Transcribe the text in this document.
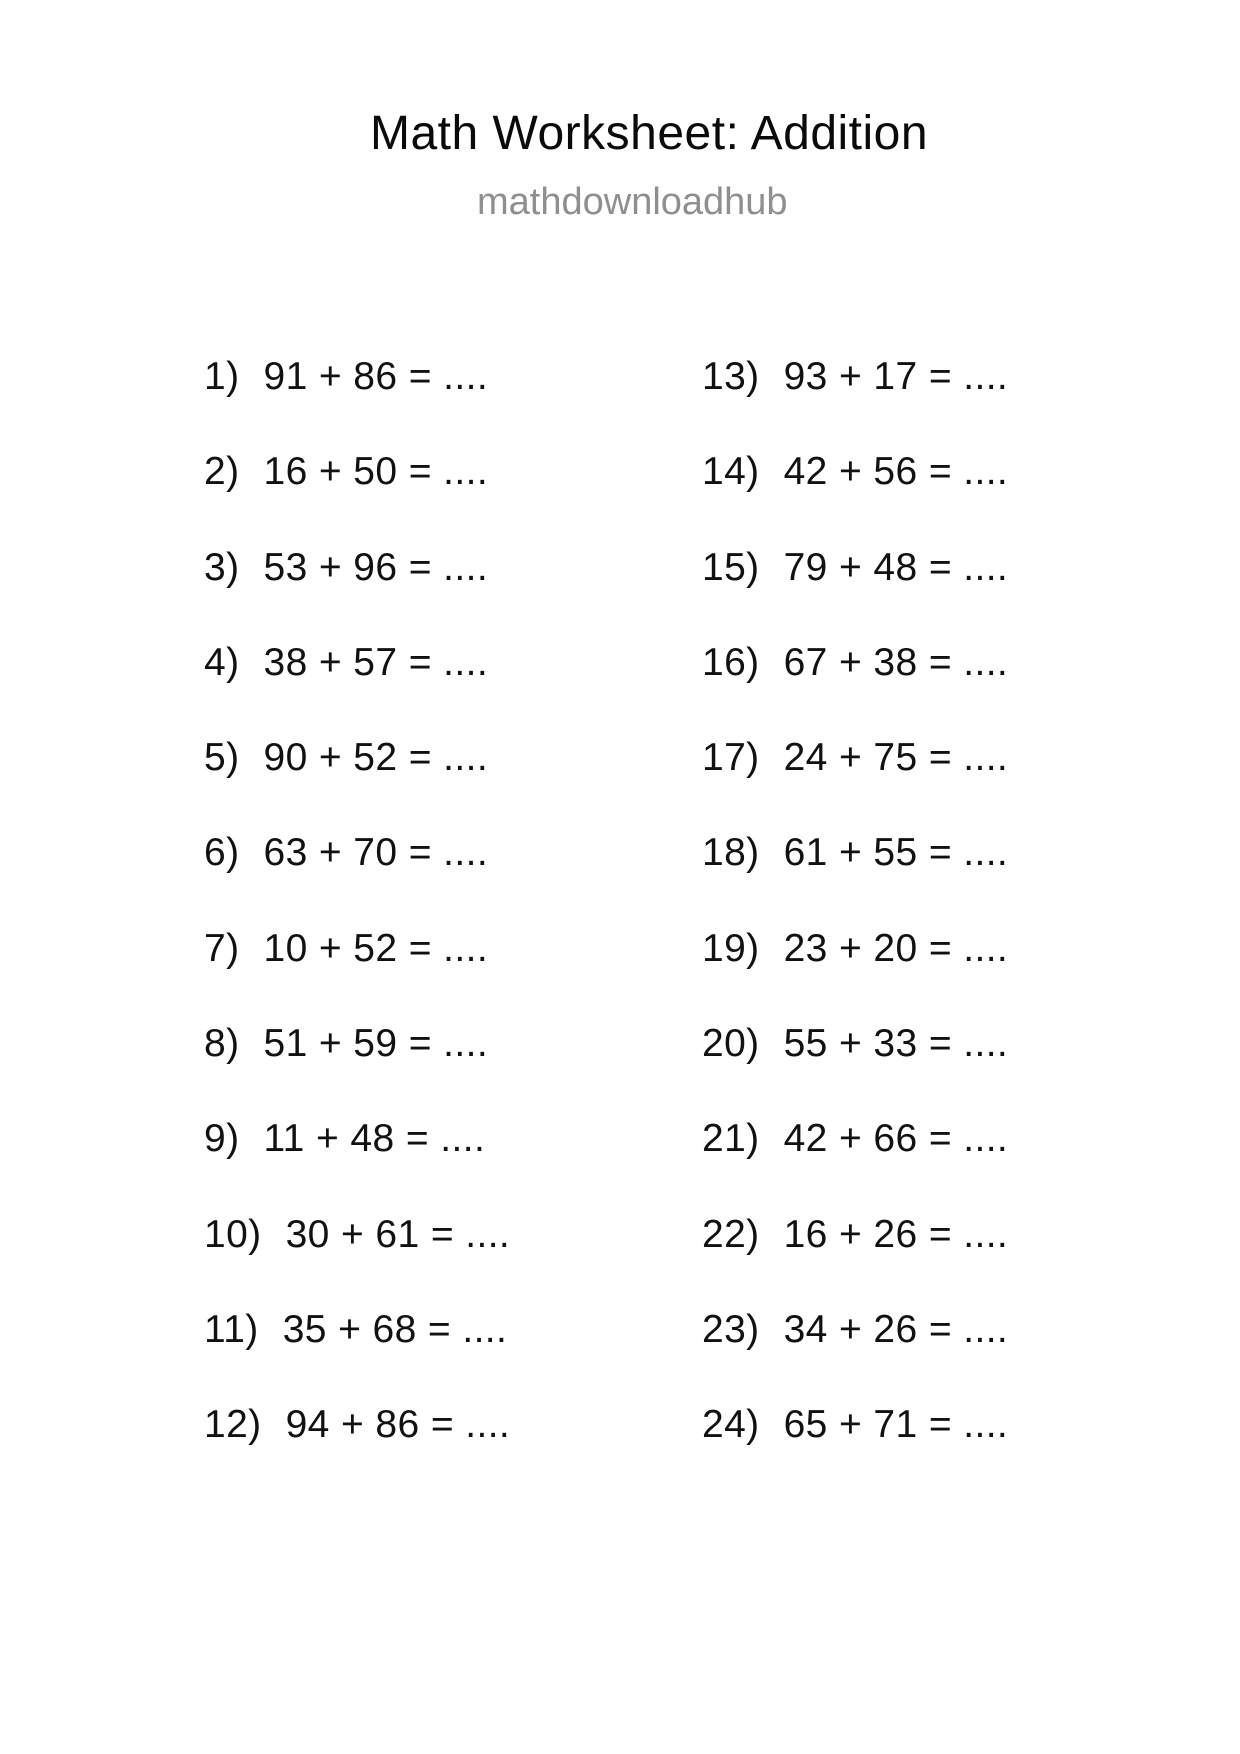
Math Worksheet: Addition
mathdownloadhub
1) 91 + 86 = ....
2) 16 + 50 = ....
3) 53 + 96 = ....
4) 38 + 57 = ....
5) 90 + 52 = ....
6) 63 + 70 = ....
7) 10 + 52 = ....
8) 51 + 59 = ....
9) 11 + 48 = ....
10) 30 + 61 = ....
11) 35 + 68 = ....
12) 94 + 86 = ....
13) 93 + 17 = ....
14) 42 + 56 = ....
15) 79 + 48 = ....
16) 67 + 38 = ....
17) 24 + 75 = ....
18) 61 + 55 = ....
19) 23 + 20 = ....
20) 55 + 33 = ....
21) 42 + 66 = ....
22) 16 + 26 = ....
23) 34 + 26 = ....
24) 65 + 71 = ....
